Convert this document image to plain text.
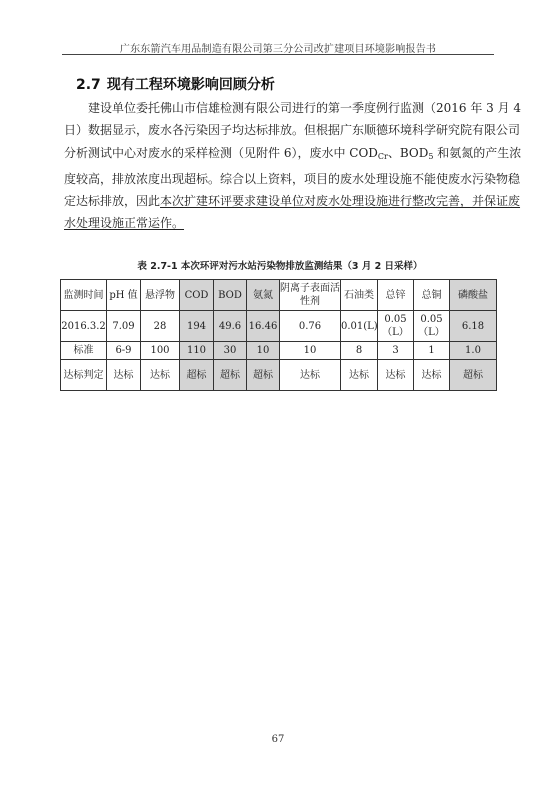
广东东箭汽车用品制造有限公司第三分公司改扩建项目环境影响报告书
2.7 现有工程环境影响回顾分析
建设单位委托佛山市信雄检测有限公司进行的第一季度例行监测（2016 年 3 月 4
日）数据显示，废水各污染因子均达标排放。但根据广东顺德环境科学研究院有限公司
分析测试中心对废水的采样检测（见附件 6），废水中 $COD_{Cr}$、$BOD_5$ 和氨氮的产生浓
度较高，排放浓度出现超标。综合以上资料，项目的废水处理设施不能使废水污染物稳
定达标排放，因此本次扩建环评要求建设单位对废水处理设施进行整改完善，并保证废
水处理设施正常运作。
表 2.7-1 本次环评对污水站污染物排放监测结果（3 月 2 日采样）
监测时间	pH 值	悬浮物	COD	BOD	氨氮	阴离子表面活性剂	石油类	总锌	总铜	磷酸盐
2016.3.2	7.09	28	194	49.6	16.46	0.76	0.01(L)	0.05（L）	0.05（L）	6.18
标准	6-9	100	110	30	10	10	8	3	1	1.0
达标判定	达标	达标	超标	超标	超标	达标	达标	达标	达标	超标
67
